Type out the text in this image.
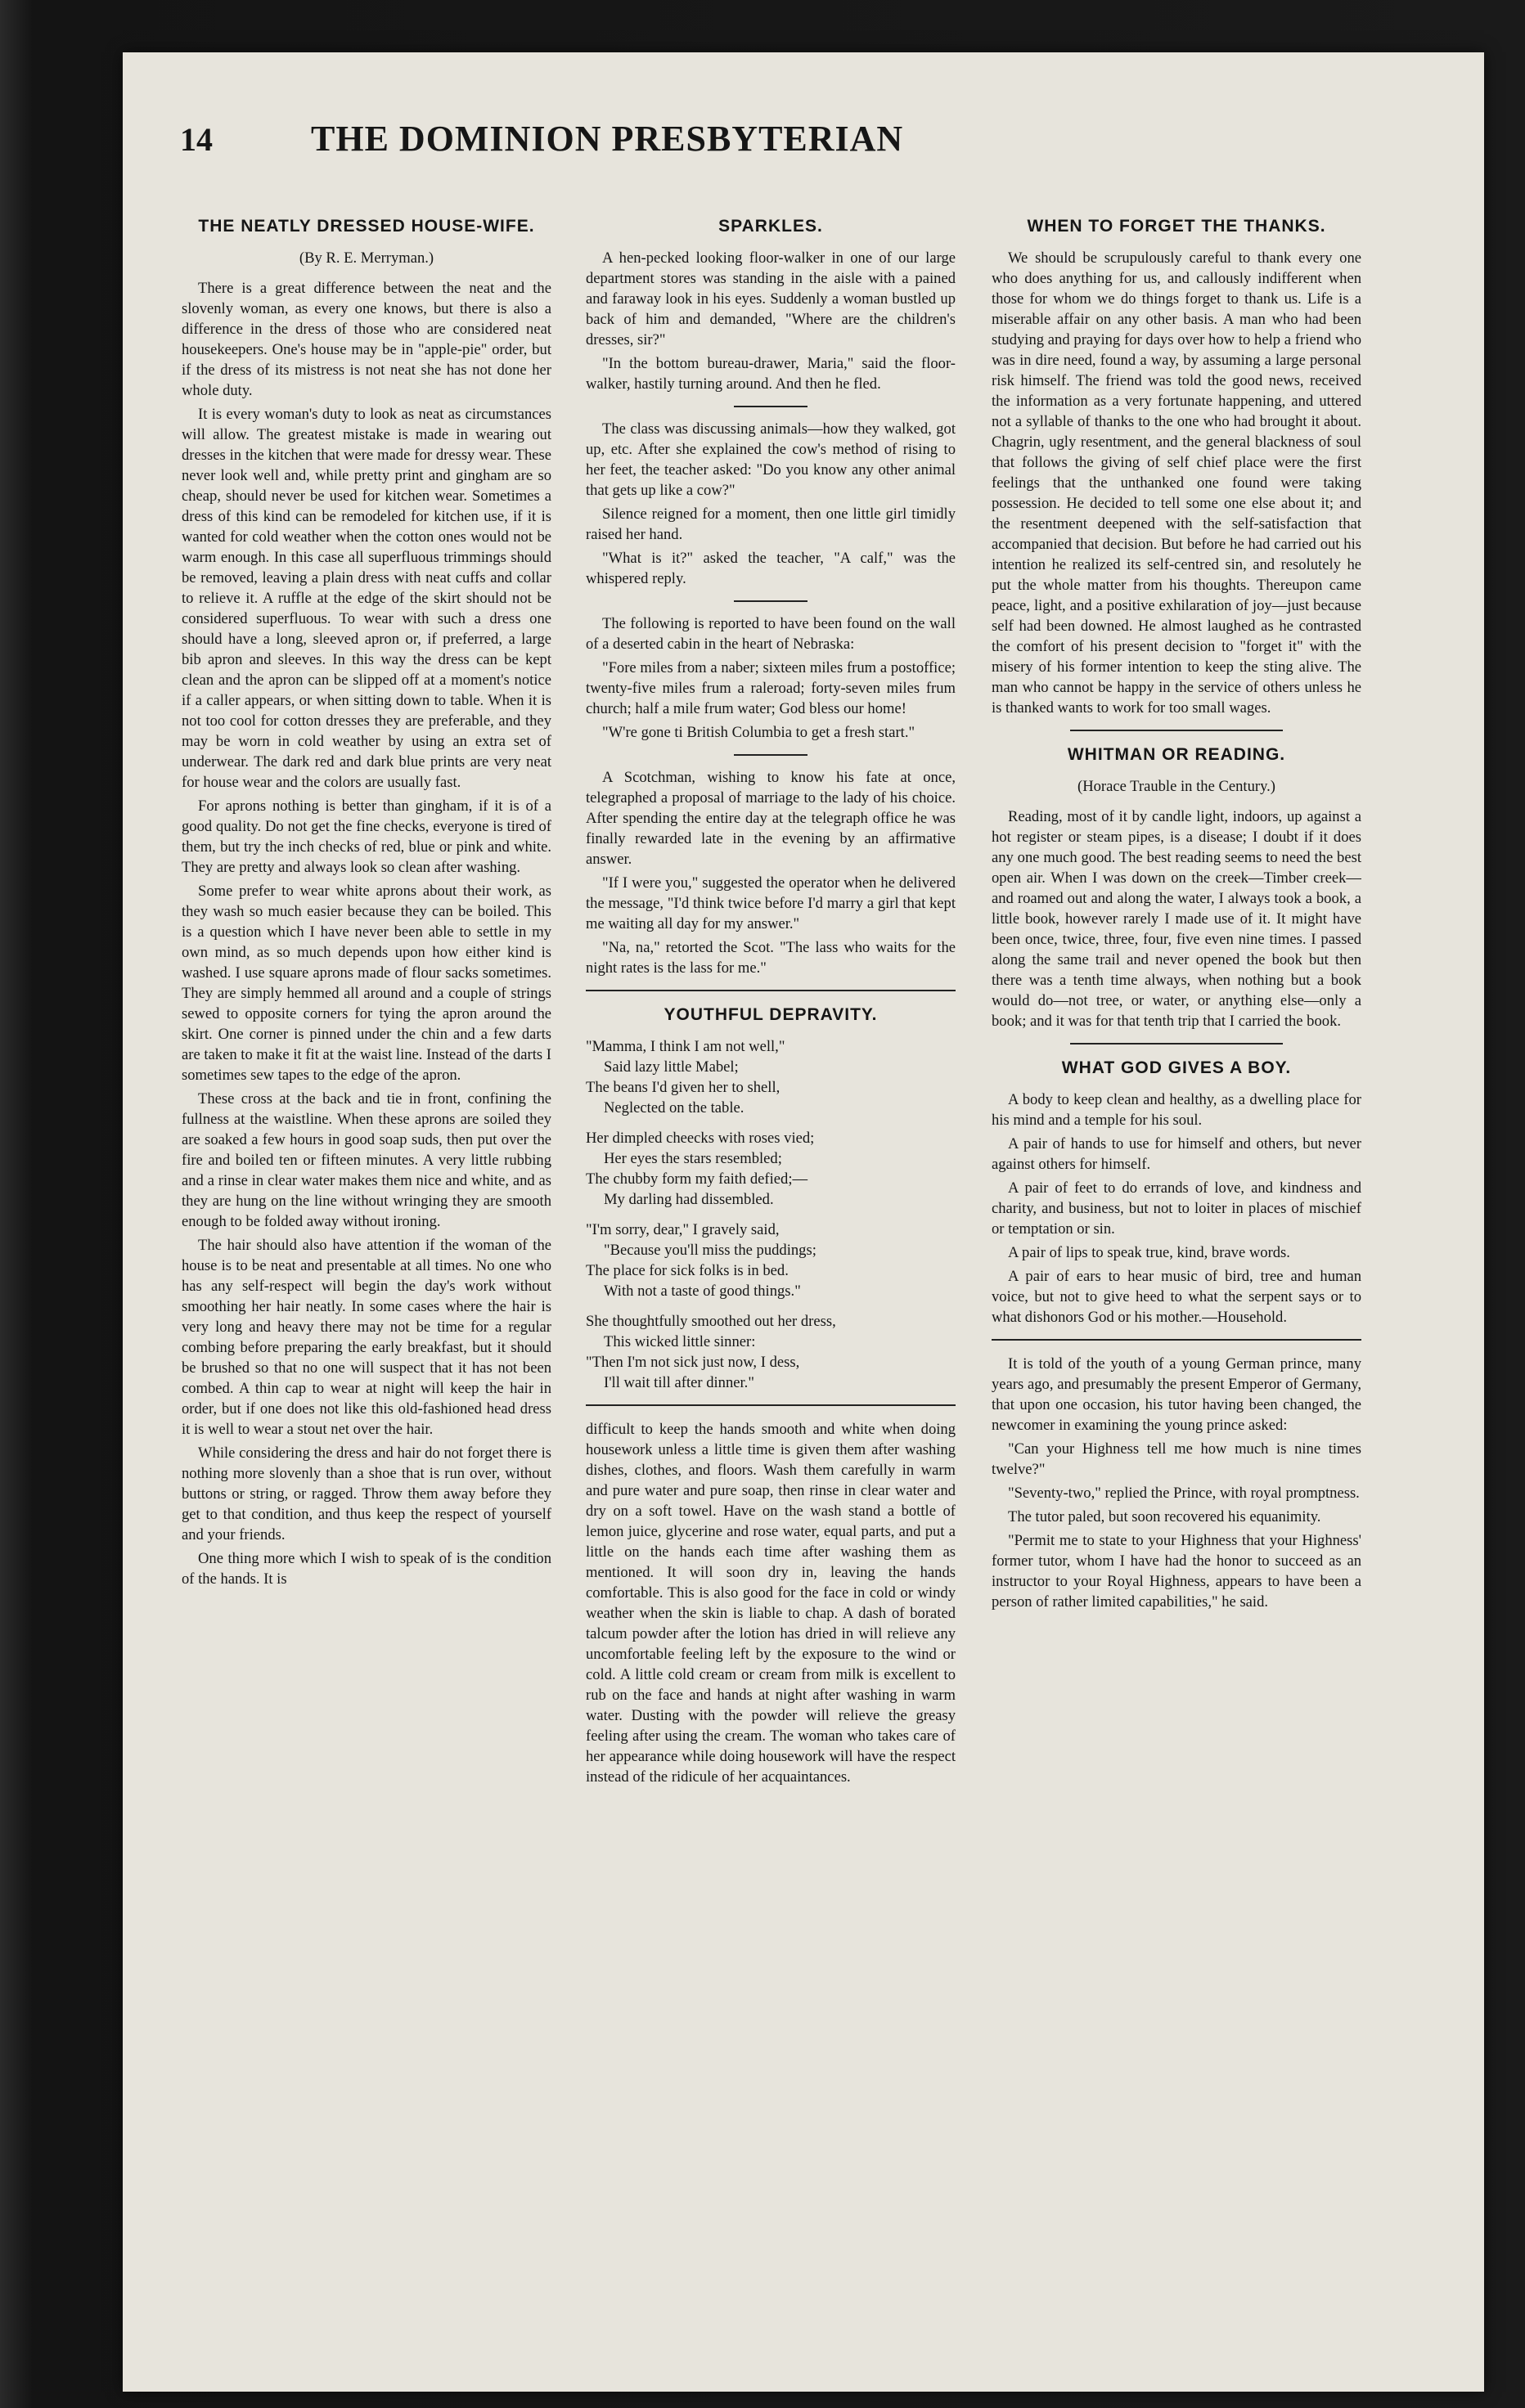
14	THE DOMINION PRESBYTERIAN
THE NEATLY DRESSED HOUSE-WIFE.
(By R. E. Merryman.)

There is a great difference between the neat and the slovenly woman, as every one knows, but there is also a difference in the dress of those who are considered neat housekeepers. One's house may be in "apple-pie" order, but if the dress of its mistress is not neat she has not done her whole duty.

It is every woman's duty to look as neat as circumstances will allow. The greatest mistake is made in wearing out dresses in the kitchen that were made for dressy wear. These never look well and, while pretty print and gingham are so cheap, should never be used for kitchen wear. Sometimes a dress of this kind can be remodeled for kitchen use, if it is wanted for cold weather when the cotton ones would not be warm enough. In this case all superfluous trimmings should be removed, leaving a plain dress with neat cuffs and collar to relieve it. A ruffle at the edge of the skirt should not be considered superfluous. To wear with such a dress one should have a long, sleeved apron or, if preferred, a large bib apron and sleeves. In this way the dress can be kept clean and the apron can be slipped off at a moment's notice if a caller appears, or when sitting down to table. When it is not too cool for cotton dresses they are preferable, and they may be worn in cold weather by using an extra set of underwear. The dark red and dark blue prints are very neat for house wear and the colors are usually fast.

For aprons nothing is better than gingham, if it is of a good quality. Do not get the fine checks, everyone is tired of them, but try the inch checks of red, blue or pink and white. They are pretty and always look so clean after washing.

Some prefer to wear white aprons about their work, as they wash so much easier because they can be boiled. This is a question which I have never been able to settle in my own mind, as so much depends upon how either kind is washed. I use square aprons made of flour sacks sometimes. They are simply hemmed all around and a couple of strings sewed to opposite corners for tying the apron around the skirt. One corner is pinned under the chin and a few darts are taken to make it fit at the waist line. Instead of the darts I sometimes sew tapes to the edge of the apron.

These cross at the back and tie in front, confining the fullness at the waistline. When these aprons are soiled they are soaked a few hours in good soap suds, then put over the fire and boiled ten or fifteen minutes. A very little rubbing and a rinse in clear water makes them nice and white, and as they are hung on the line without wringing they are smooth enough to be folded away without ironing.

The hair should also have attention if the woman of the house is to be neat and presentable at all times. No one who has any self-respect will begin the day's work without smoothing her hair neatly. In some cases where the hair is very long and heavy there may not be time for a regular combing before preparing the early breakfast, but it should be brushed so that no one will suspect that it has not been combed. A thin cap to wear at night will keep the hair in order, but if one does not like this old-fashioned head dress it is well to wear a stout net over the hair.

While considering the dress and hair do not forget there is nothing more slovenly than a shoe that is run over, without buttons or string, or ragged. Throw them away before they get to that condition, and thus keep the respect of yourself and your friends.

One thing more which I wish to speak of is the condition of the hands. It is

SPARKLES.

A hen-pecked looking floor-walker in one of our large department stores was standing in the aisle with a pained and faraway look in his eyes. Suddenly a woman bustled up back of him and demanded, "Where are the children's dresses, sir?"

"In the bottom bureau-drawer, Maria," said the floor-walker, hastily turning around. And then he fled.

The class was discussing animals—how they walked, got up, etc. After she explained the cow's method of rising to her feet, the teacher asked: "Do you know any other animal that gets up like a cow?"

Silence reigned for a moment, then one little girl timidly raised her hand.

"What is it?" asked the teacher, "A calf," was the whispered reply.

The following is reported to have been found on the wall of a deserted cabin in the heart of Nebraska:

"Fore miles from a naber; sixteen miles frum a postoffice; twenty-five miles frum a raleroad; forty-seven miles frum church; half a mile frum water; God bless our home!

"W're gone ti British Columbia to get a fresh start."

A Scotchman, wishing to know his fate at once, telegraphed a proposal of marriage to the lady of his choice. After spending the entire day at the telegraph office he was finally rewarded late in the evening by an affirmative answer.

"If I were you," suggested the operator when he delivered the message, "I'd think twice before I'd marry a girl that kept me waiting all day for my answer."

"Na, na," retorted the Scot. "The lass who waits for the night rates is the lass for me."

YOUTHFUL DEPRAVITY.

"Mamma, I think I am not well,"

Said lazy little Mabel;

The beans I'd given her to shell,

Neglected on the table.

Her dimpled cheecks with roses vied;

Her eyes the stars resembled;

The chubby form my faith defied;—

My darling had dissembled.

"I'm sorry, dear," I gravely said,

"Because you'll miss the puddings;

The place for sick folks is in bed.

With not a taste of good things."

She thoughtfully smoothed out her dress,

This wicked little sinner:

"Then I'm not sick just now, I dess,

I'll wait till after dinner."

difficult to keep the hands smooth and white when doing housework unless a little time is given them after washing dishes, clothes, and floors. Wash them carefully in warm and pure water and pure soap, then rinse in clear water and dry on a soft towel. Have on the wash stand a bottle of lemon juice, glycerine and rose water, equal parts, and put a little on the hands each time after washing them as mentioned. It will soon dry in, leaving the hands comfortable. This is also good for the face in cold or windy weather when the skin is liable to chap. A dash of borated talcum powder after the lotion has dried in will relieve any uncomfortable feeling left by the exposure to the wind or cold. A little cold cream or cream from milk is excellent to rub on the face and hands at night after washing in warm water. Dusting with the powder will relieve the greasy feeling after using the cream. The woman who takes care of her appearance while doing housework will have the respect instead of the ridicule of her acquaintances.

WHEN TO FORGET THE THANKS.

We should be scrupulously careful to thank every one who does anything for us, and callously indifferent when those for whom we do things forget to thank us. Life is a miserable affair on any other basis. A man who had been studying and praying for days over how to help a friend who was in dire need, found a way, by assuming a large personal risk himself. The friend was told the good news, received the information as a very fortunate happening, and uttered not a syllable of thanks to the one who had brought it about. Chagrin, ugly resentment, and the general blackness of soul that follows the giving of self chief place were the first feelings that the unthanked one found were taking possession. He decided to tell some one else about it; and the resentment deepened with the self-satisfaction that accompanied that decision. But before he had carried out his intention he realized its self-centred sin, and resolutely he put the whole matter from his thoughts. Thereupon came peace, light, and a positive exhilaration of joy—just because self had been downed. He almost laughed as he contrasted the comfort of his present decision to "forget it" with the misery of his former intention to keep the sting alive. The man who cannot be happy in the service of others unless he is thanked wants to work for too small wages.

WHITMAN OR READING.
(Horace Trauble in the Century.)

Reading, most of it by candle light, indoors, up against a hot register or steam pipes, is a disease; I doubt if it does any one much good. The best reading seems to need the best open air. When I was down on the creek—Timber creek—and roamed out and along the water, I always took a book, a little book, however rarely I made use of it. It might have been once, twice, three, four, five even nine times. I passed along the same trail and never opened the book but then there was a tenth time always, when nothing but a book would do—not tree, or water, or anything else—only a book; and it was for that tenth trip that I carried the book.

WHAT GOD GIVES A BOY.

A body to keep clean and healthy, as a dwelling place for his mind and a temple for his soul.

A pair of hands to use for himself and others, but never against others for himself.

A pair of feet to do errands of love, and kindness and charity, and business, but not to loiter in places of mischief or temptation or sin.

A pair of lips to speak true, kind, brave words.

A pair of ears to hear music of bird, tree and human voice, but not to give heed to what the serpent says or to what dishonors God or his mother.—Household.

It is told of the youth of a young German prince, many years ago, and presumably the present Emperor of Germany, that upon one occasion, his tutor having been changed, the newcomer in examining the young prince asked:

"Can your Highness tell me how much is nine times twelve?"

"Seventy-two," replied the Prince, with royal promptness.

The tutor paled, but soon recovered his equanimity.

"Permit me to state to your Highness that your Highness' former tutor, whom I have had the honor to succeed as an instructor to your Royal Highness, appears to have been a person of rather limited capabilities," he said.
